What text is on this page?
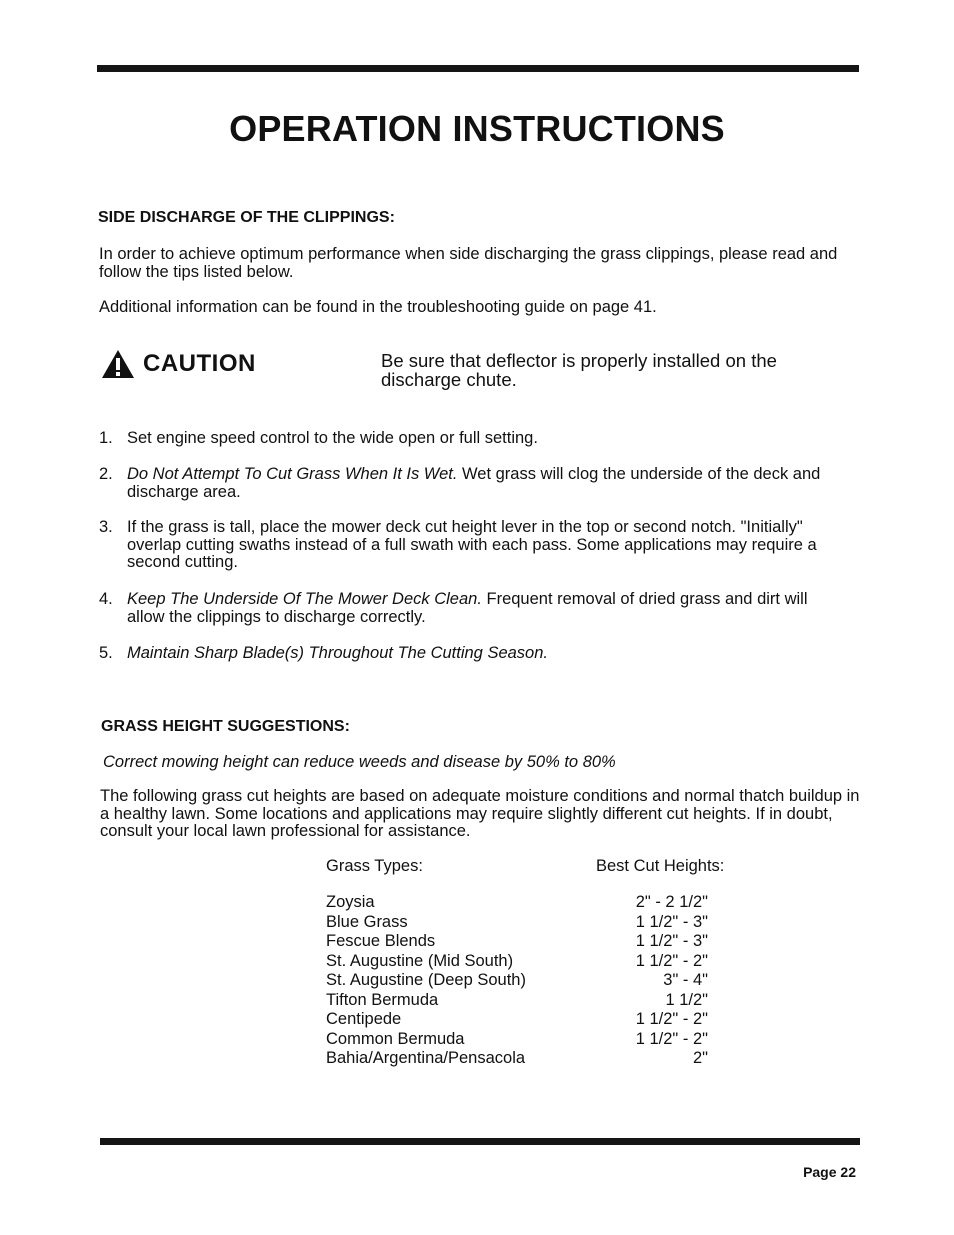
OPERATION INSTRUCTIONS
SIDE DISCHARGE OF THE CLIPPINGS:
In order to achieve optimum performance when side discharging the grass clippings, please read and follow the tips listed below.
Additional information can be found in the troubleshooting guide on page 41.
CAUTION	Be sure that deflector is properly installed on the discharge chute.
1. Set engine speed control to the wide open or full setting.
2. Do Not Attempt To Cut Grass When It Is Wet. Wet grass will clog the underside of the deck and discharge area.
3. If the grass is tall, place the mower deck cut height lever in the top or second notch. "Initially" overlap cutting swaths instead of a full swath with each pass. Some applications may require a second cutting.
4. Keep The Underside Of The Mower Deck Clean. Frequent removal of dried grass and dirt will allow the clippings to discharge correctly.
5. Maintain Sharp Blade(s) Throughout The Cutting Season.
GRASS HEIGHT SUGGESTIONS:
Correct mowing height can reduce weeds and disease by 50% to 80%
The following grass cut heights are based on adequate moisture conditions and normal thatch buildup in a healthy lawn. Some locations and applications may require slightly different cut heights. If in doubt, consult your local lawn professional for assistance.
Grass Types:	Best Cut Heights:
Zoysia	2" - 2 1/2"
Blue Grass	1 1/2" - 3"
Fescue Blends	1 1/2" - 3"
St. Augustine (Mid South)	1 1/2" - 2"
St. Augustine (Deep South)	3" - 4"
Tifton Bermuda	1 1/2"
Centipede	1 1/2" - 2"
Common Bermuda	1 1/2" - 2"
Bahia/Argentina/Pensacola	2"
Page 22
